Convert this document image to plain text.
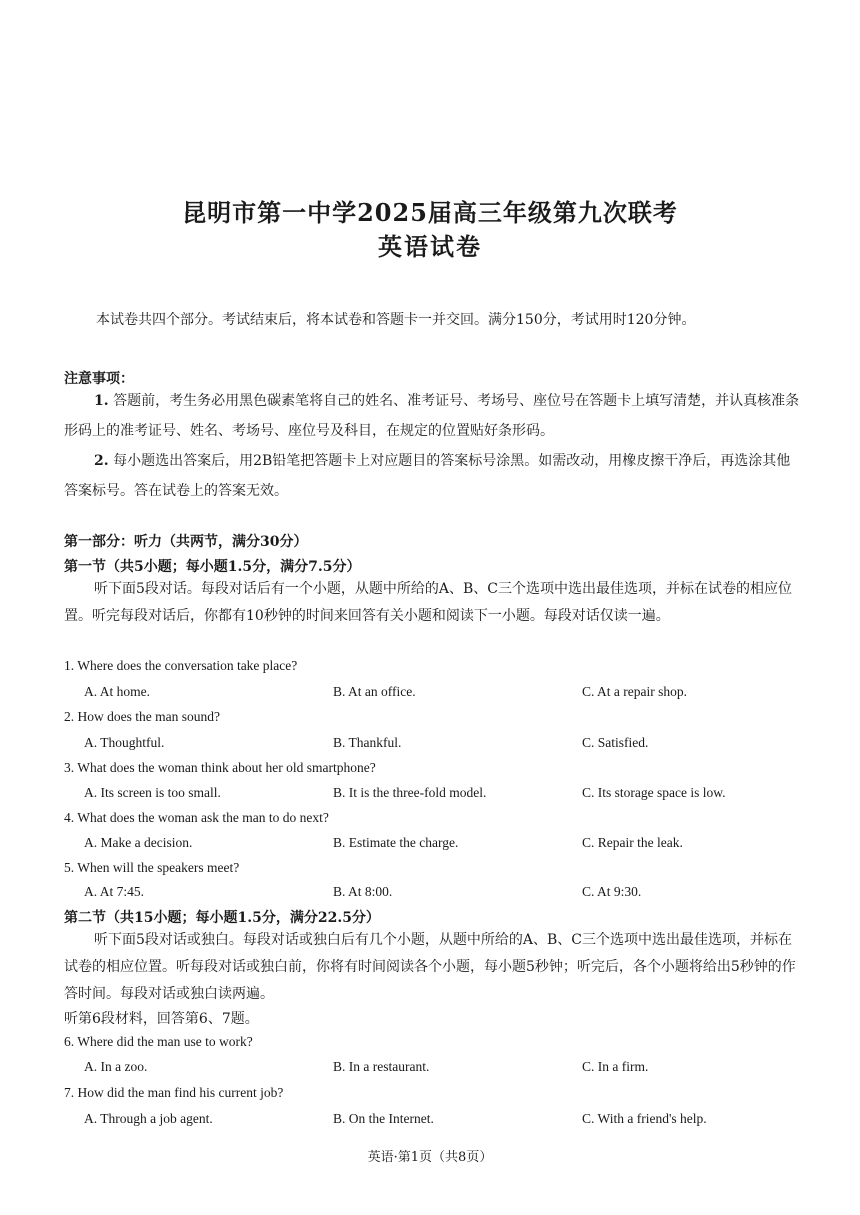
昆明市第一中学2025届高三年级第九次联考
英语试卷
本试卷共四个部分。考试结束后，将本试卷和答题卡一并交回。满分150分，考试用时120分钟。
注意事项：
1. 答题前，考生务必用黑色碳素笔将自己的姓名、准考证号、考场号、座位号在答题卡上填写清楚，并认真核准条形码上的准考证号、姓名、考场号、座位号及科目，在规定的位置贴好条形码。
2. 每小题选出答案后，用2B铅笔把答题卡上对应题目的答案标号涂黑。如需改动，用橡皮擦干净后，再选涂其他答案标号。答在试卷上的答案无效。
第一部分：听力（共两节，满分30分）
第一节（共5小题；每小题1.5分，满分7.5分）
听下面5段对话。每段对话后有一个小题，从题中所给的A、B、C三个选项中选出最佳选项，并标在试卷的相应位置。听完每段对话后，你都有10秒钟的时间来回答有关小题和阅读下一小题。每段对话仅读一遍。
1. Where does the conversation take place?
A. At home.	B. At an office.	C. At a repair shop.
2. How does the man sound?
A. Thoughtful.	B. Thankful.	C. Satisfied.
3. What does the woman think about her old smartphone?
A. Its screen is too small.	B. It is the three-fold model.	C. Its storage space is low.
4. What does the woman ask the man to do next?
A. Make a decision.	B. Estimate the charge.	C. Repair the leak.
5. When will the speakers meet?
A. At 7:45.	B. At 8:00.	C. At 9:30.
第二节（共15小题；每小题1.5分，满分22.5分）
听下面5段对话或独白。每段对话或独白后有几个小题，从题中所给的A、B、C三个选项中选出最佳选项，并标在试卷的相应位置。听每段对话或独白前，你将有时间阅读各个小题，每小题5秒钟；听完后，各个小题将给出5秒钟的作答时间。每段对话或独白读两遍。
听第6段材料，回答第6、7题。
6. Where did the man use to work?
A. In a zoo.	B. In a restaurant.	C. In a firm.
7. How did the man find his current job?
A. Through a job agent.	B. On the Internet.	C. With a friend's help.
英语·第1页（共8页）
